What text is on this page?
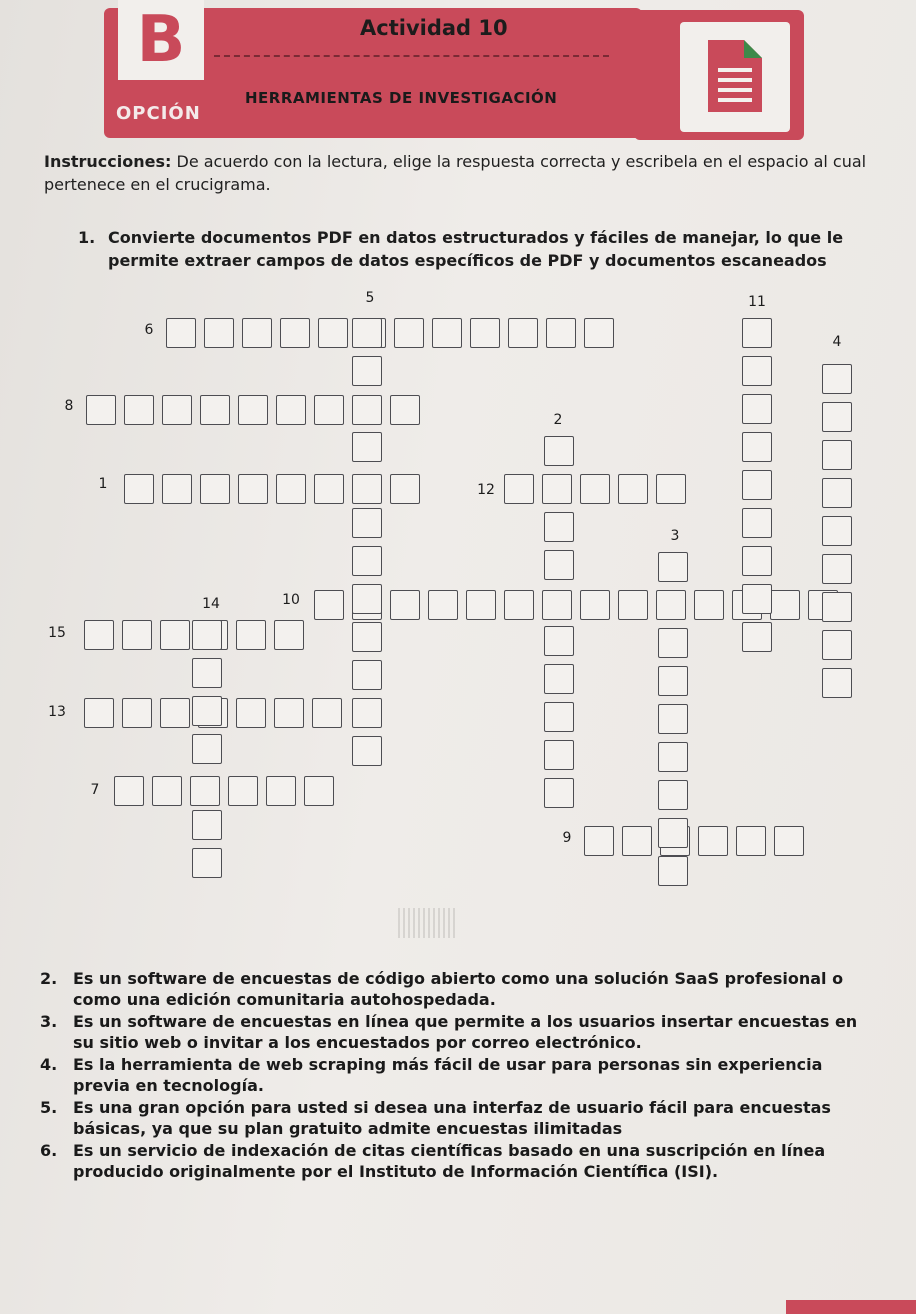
B	Actividad 10
OPCIÓN
HERRAMIENTAS DE INVESTIGACIÓN
Instrucciones: De acuerdo con la lectura, elige la respuesta correcta y escribela en el espacio al cual pertenece en el crucigrama.
1. Convierte documentos PDF en datos estructurados y fáciles de manejar, lo que le permite extraer campos de datos específicos de PDF y documentos escaneados
5	11
6
4
8
2
1	12
3
14	10
15
13
7
9
2. Es un software de encuestas de código abierto como una solución SaaS profesional o como una edición comunitaria autohospedada.
3. Es un software de encuestas en línea que permite a los usuarios insertar encuestas en su sitio web o invitar a los encuestados por correo electrónico.
4. Es la herramienta de web scraping más fácil de usar para personas sin experiencia previa en tecnología.
5. Es una gran opción para usted si desea una interfaz de usuario fácil para encuestas básicas, ya que su plan gratuito admite encuestas ilimitadas
6. Es un servicio de indexación de citas científicas basado en una suscripción en línea producido originalmente por el Instituto de Información Científica (ISI).
